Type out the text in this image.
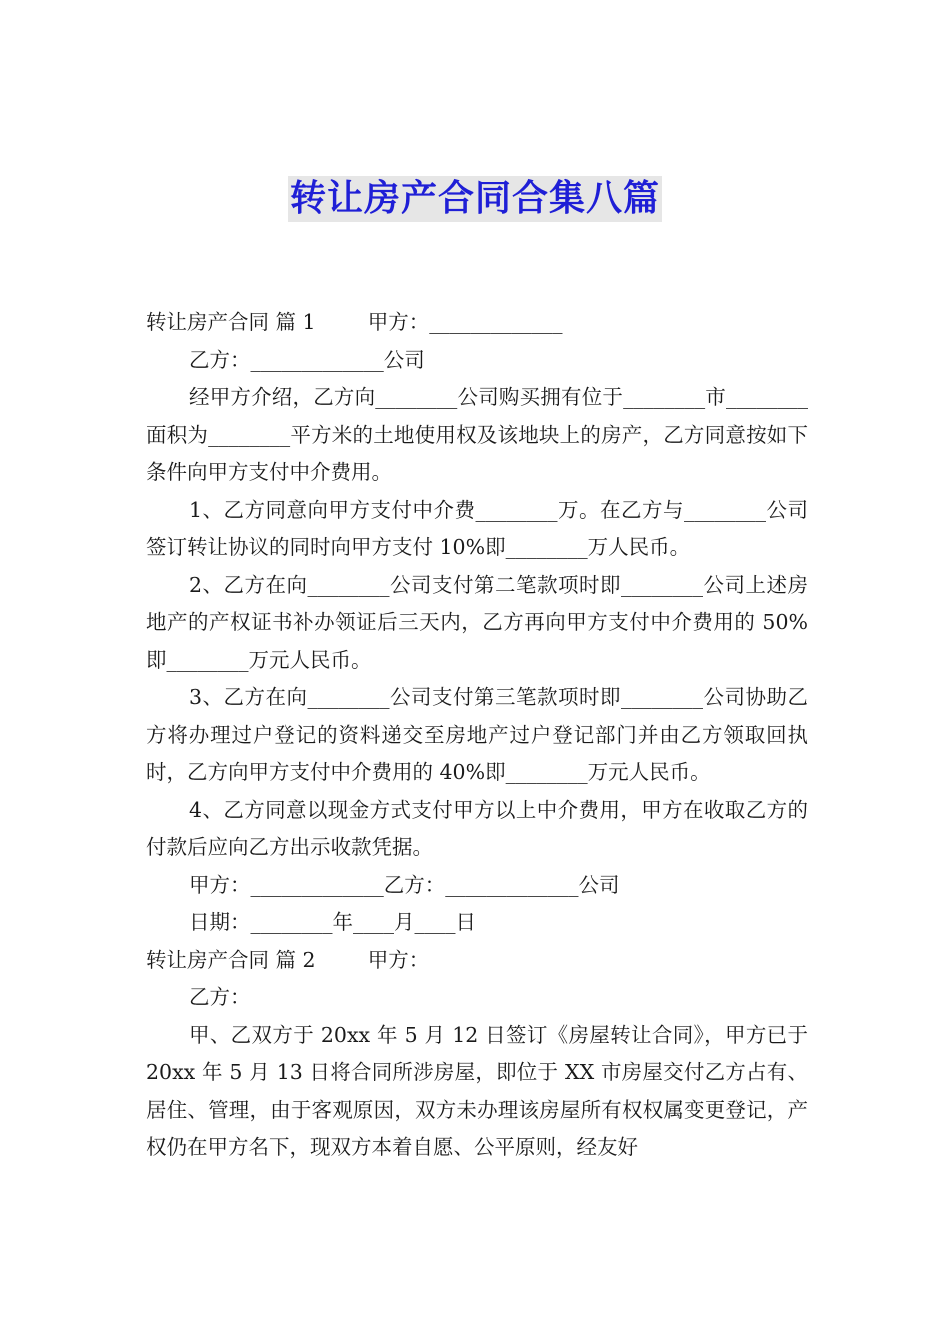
转让房产合同合集八篇

转让房产合同 篇 1        甲方：_____________

乙方：_____________公司

经甲方介绍，乙方向________公司购买拥有位于________市________面积为________平方米的土地使用权及该地块上的房产，乙方同意按如下条件向甲方支付中介费用。

1、乙方同意向甲方支付中介费________万。在乙方与________公司签订转让协议的同时向甲方支付 10%即________万人民币。

2、乙方在向________公司支付第二笔款项时即________公司上述房地产的产权证书补办领证后三天内，乙方再向甲方支付中介费用的 50%即________万元人民币。

3、乙方在向________公司支付第三笔款项时即________公司协助乙方将办理过户登记的资料递交至房地产过户登记部门并由乙方领取回执时，乙方向甲方支付中介费用的 40%即________万元人民币。

4、乙方同意以现金方式支付甲方以上中介费用，甲方在收取乙方的付款后应向乙方出示收款凭据。

甲方：_____________乙方：_____________公司

日期：________年____月____日

转让房产合同 篇 2        甲方：

乙方：

甲、乙双方于 20xx 年 5 月 12 日签订《房屋转让合同》，甲方已于 20xx 年 5 月 13 日将合同所涉房屋，即位于 XX 市房屋交付乙方占有、居住、管理，由于客观原因，双方未办理该房屋所有权权属变更登记，产权仍在甲方名下，现双方本着自愿、公平原则，经友好
